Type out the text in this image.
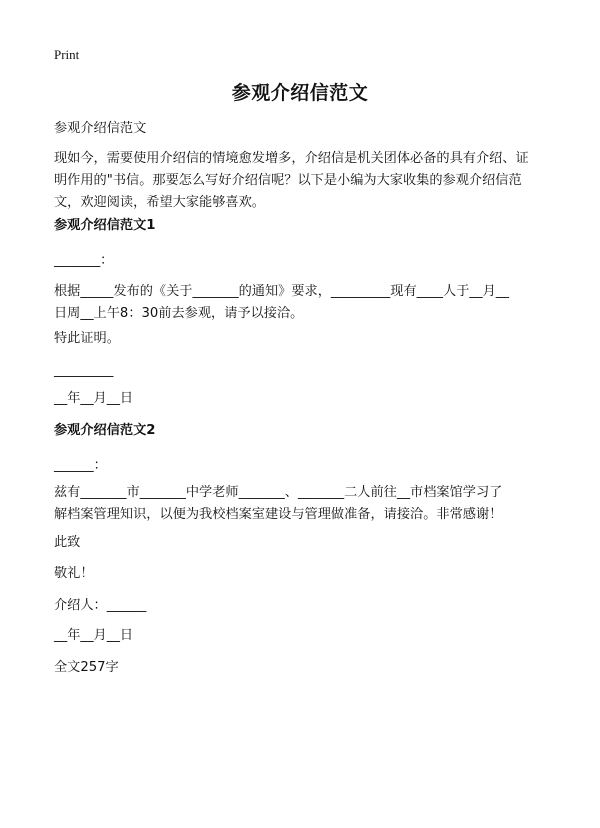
Print
参观介绍信范文
参观介绍信范文
现如今，需要使用介绍信的情境愈发增多，介绍信是机关团体必备的具有介绍、证
明作用的"书信。那要怎么写好介绍信呢？以下是小编为大家收集的参观介绍信范
文，欢迎阅读，希望大家能够喜欢。
参观介绍信范文1
_______：
根据_____发布的《关于_______的通知》要求，_________现有____人于__月__
日周__上午8：30前去参观，请予以接洽。
特此证明。
_________
__年__月__日
参观介绍信范文2
______：
兹有_______市_______中学老师_______、_______二人前往__市档案馆学习了
解档案管理知识，以便为我校档案室建设与管理做准备，请接洽。非常感谢！
此致
敬礼！
介绍人：______
__年__月__日
全文257字
